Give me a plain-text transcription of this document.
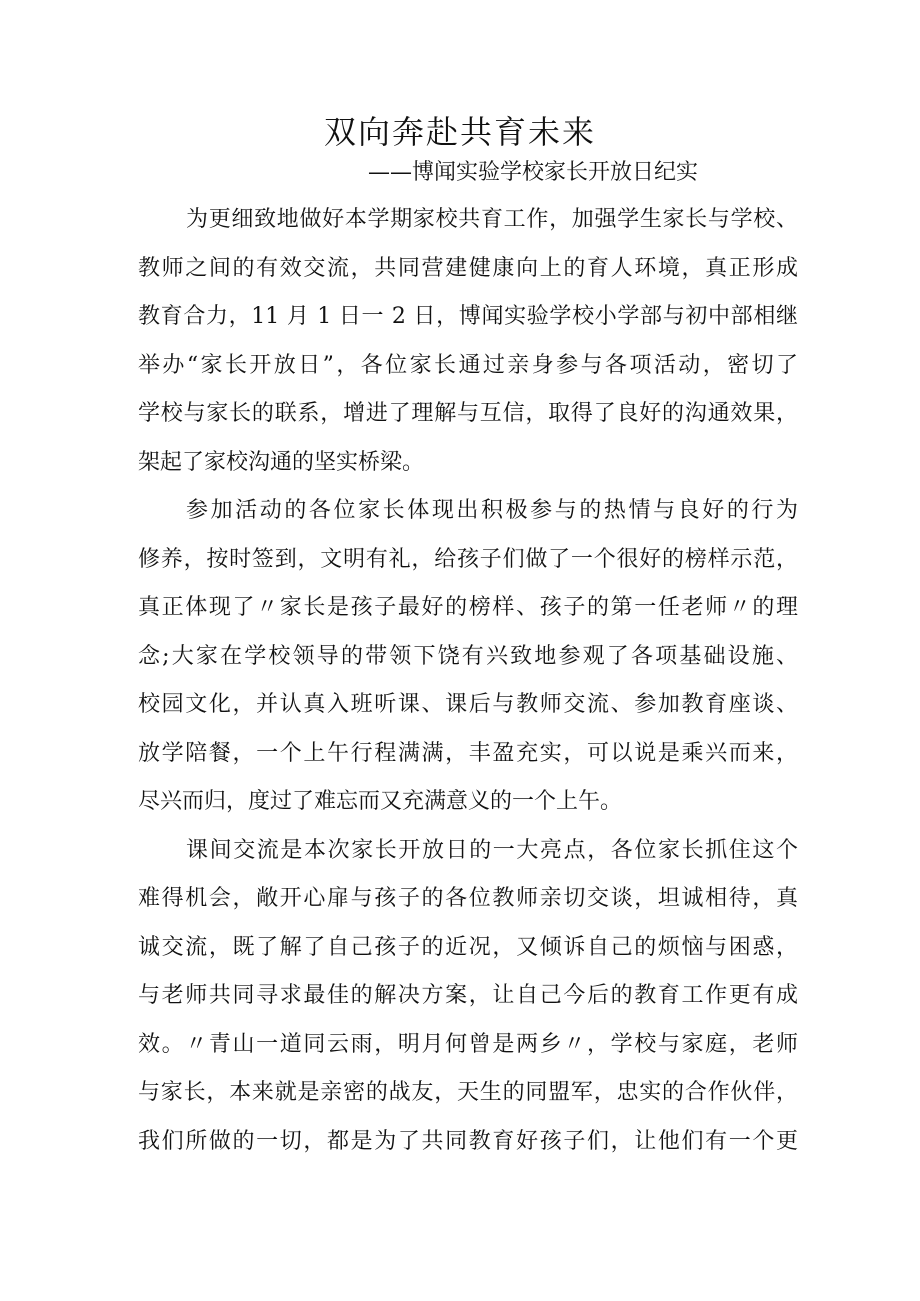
双向奔赴共育未来
——博闻实验学校家长开放日纪实
为更细致地做好本学期家校共育工作，加强学生家长与学校、
教师之间的有效交流，共同营建健康向上的育人环境，真正形成
教育合力，11 月 1 日一 2 日，博闻实验学校小学部与初中部相继
举办“家长开放日”，各位家长通过亲身参与各项活动，密切了
学校与家长的联系，增进了理解与互信，取得了良好的沟通效果，
架起了家校沟通的坚实桥梁。
参加活动的各位家长体现出积极参与的热情与良好的行为
修养，按时签到，文明有礼，给孩子们做了一个很好的榜样示范，
真正体现了〃家长是孩子最好的榜样、孩子的第一任老师〃的理
念;大家在学校领导的带领下饶有兴致地参观了各项基础设施、
校园文化，并认真入班听课、课后与教师交流、参加教育座谈、
放学陪餐，一个上午行程满满，丰盈充实，可以说是乘兴而来，
尽兴而归，度过了难忘而又充满意义的一个上午。
课间交流是本次家长开放日的一大亮点，各位家长抓住这个
难得机会，敞开心扉与孩子的各位教师亲切交谈，坦诚相待，真
诚交流，既了解了自己孩子的近况，又倾诉自己的烦恼与困惑，
与老师共同寻求最佳的解决方案，让自己今后的教育工作更有成
效。〃青山一道同云雨，明月何曾是两乡〃，学校与家庭，老师
与家长，本来就是亲密的战友，天生的同盟军，忠实的合作伙伴，
我们所做的一切，都是为了共同教育好孩子们，让他们有一个更
